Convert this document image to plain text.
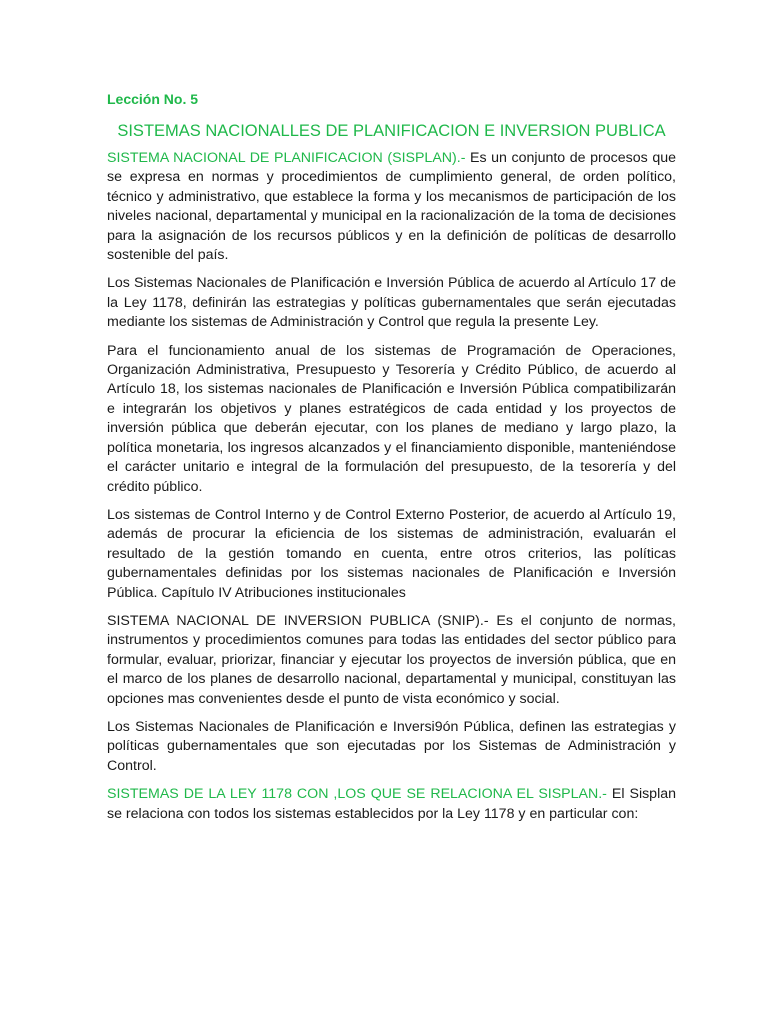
Lección No. 5
SISTEMAS NACIONALLES DE PLANIFICACION E INVERSION PUBLICA

SISTEMA NACIONAL DE PLANIFICACION (SISPLAN).- Es un conjunto de procesos que se expresa en normas y procedimientos de cumplimiento general, de orden político, técnico y administrativo, que establece la forma y los mecanismos de participación de los niveles nacional, departamental y municipal en la racionalización de la toma de decisiones para la asignación de los recursos públicos y en la definición de políticas de desarrollo sostenible del país.

Los Sistemas Nacionales de Planificación e Inversión Pública de acuerdo al Artículo 17 de la Ley 1178, definirán las estrategias y políticas gubernamentales que serán ejecutadas mediante los sistemas de Administración y Control que regula la presente Ley.

Para el funcionamiento anual de los sistemas de Programación de Operaciones, Organización Administrativa, Presupuesto y Tesorería y Crédito Público, de acuerdo al Artículo 18, los sistemas nacionales de Planificación e Inversión Pública compatibilizarán e integrarán los objetivos y planes estratégicos de cada entidad y los proyectos de inversión pública que deberán ejecutar, con los planes de mediano y largo plazo, la política monetaria, los ingresos alcanzados y el financiamiento disponible, manteniéndose el carácter unitario e integral de la formulación del presupuesto, de la tesorería y del crédito público.

Los sistemas de Control Interno y de Control Externo Posterior, de acuerdo al Artículo 19, además de procurar la eficiencia de los sistemas de administración, evaluarán el resultado de la gestión tomando en cuenta, entre otros criterios, las políticas gubernamentales definidas por los sistemas nacionales de Planificación e Inversión Pública. Capítulo IV Atribuciones institucionales

SISTEMA NACIONAL DE INVERSION PUBLICA (SNIP).- Es el conjunto de normas, instrumentos y procedimientos comunes para todas las entidades del sector público para formular, evaluar, priorizar, financiar y ejecutar los proyectos de inversión pública, que en el marco de los planes de desarrollo nacional, departamental y municipal, constituyan las opciones mas convenientes desde el punto de vista económico y social.

Los Sistemas Nacionales de Planificación e Inversi9ón Pública, definen las estrategias y políticas gubernamentales que son ejecutadas por los Sistemas de Administración y Control.

SISTEMAS DE LA LEY 1178 CON ,LOS QUE SE RELACIONA EL SISPLAN.- El Sisplan se relaciona con todos los sistemas establecidos por la Ley 1178 y en particular con:
